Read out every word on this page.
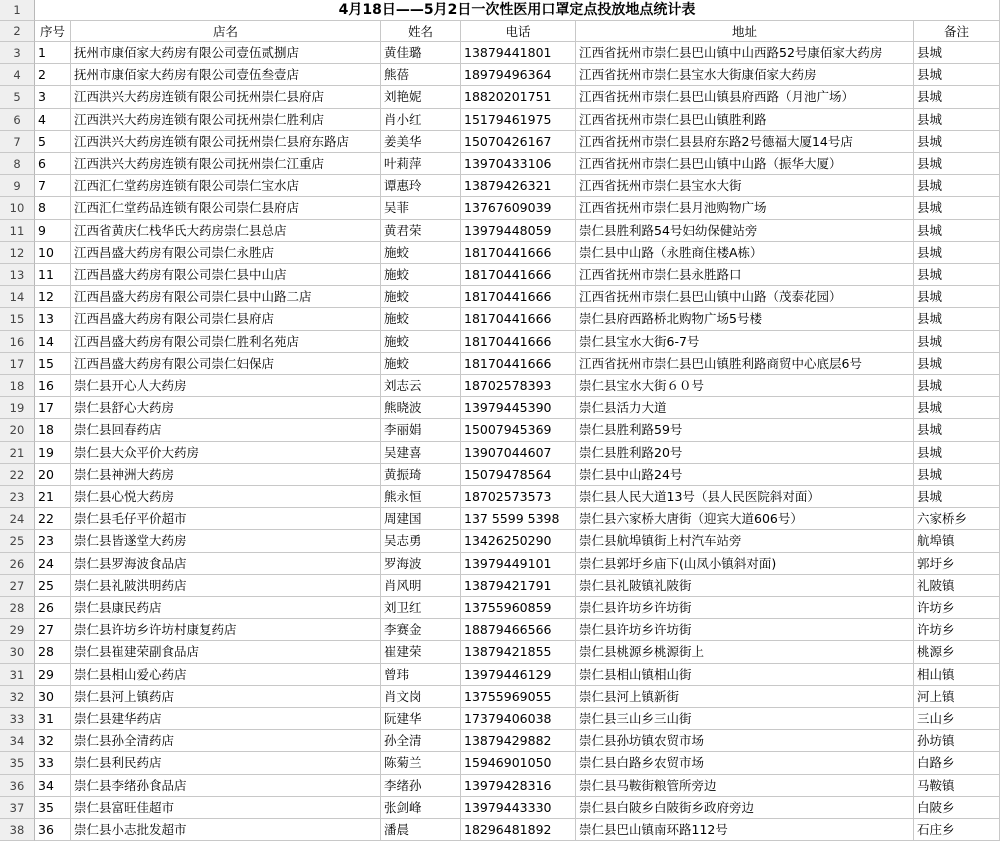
1	4月18日——5月2日一次性医用口罩定点投放地点统计表
2	序号	店名	姓名	电话	地址	备注
3	1	抚州市康佰家大药房有限公司壹伍贰捌店	黄佳璐	13879441801	江西省抚州市崇仁县巴山镇中山西路52号康佰家大药房	县城
4	2	抚州市康佰家大药房有限公司壹伍叁壹店	熊蓓	18979496364	江西省抚州市崇仁县宝水大街康佰家大药房	县城
5	3	江西洪兴大药房连锁有限公司抚州崇仁县府店	刘艳妮	18820201751	江西省抚州市崇仁县巴山镇县府西路（月池广场）	县城
6	4	江西洪兴大药房连锁有限公司抚州崇仁胜利店	肖小红	15179461975	江西省抚州市崇仁县巴山镇胜利路	县城
7	5	江西洪兴大药房连锁有限公司抚州崇仁县府东路店	姜美华	15070426167	江西省抚州市崇仁县县府东路2号德福大厦14号店	县城
8	6	江西洪兴大药房连锁有限公司抚州崇仁江重店	叶莉萍	13970433106	江西省抚州市崇仁县巴山镇中山路（振华大厦）	县城
9	7	江西汇仁堂药房连锁有限公司崇仁宝水店	谭惠玲	13879426321	江西省抚州市崇仁县宝水大街	县城
10	8	江西汇仁堂药品连锁有限公司崇仁县府店	吴菲	13767609039	江西省抚州市崇仁县月池购物广场	县城
11	9	江西省黄庆仁栈华氏大药房崇仁县总店	黄君荣	13979448059	崇仁县胜利路54号妇幼保健站旁	县城
12	10	江西昌盛大药房有限公司崇仁永胜店	施蛟	18170441666	崇仁县中山路（永胜商住楼A栋）	县城
13	11	江西昌盛大药房有限公司崇仁县中山店	施蛟	18170441666	江西省抚州市崇仁县永胜路口	县城
14	12	江西昌盛大药房有限公司崇仁县中山路二店	施蛟	18170441666	江西省抚州市崇仁县巴山镇中山路（茂泰花园）	县城
15	13	江西昌盛大药房有限公司崇仁县府店	施蛟	18170441666	崇仁县府西路桥北购物广场5号楼	县城
16	14	江西昌盛大药房有限公司崇仁胜利名苑店	施蛟	18170441666	崇仁县宝水大街6-7号	县城
17	15	江西昌盛大药房有限公司崇仁妇保店	施蛟	18170441666	江西省抚州市崇仁县巴山镇胜利路商贸中心底层6号	县城
18	16	崇仁县开心人大药房	刘志云	18702578393	崇仁县宝水大街６０号	县城
19	17	崇仁县舒心大药房	熊晓波	13979445390	崇仁县活力大道	县城
20	18	崇仁县回春药店	李丽娟	15007945369	崇仁县胜利路59号	县城
21	19	崇仁县大众平价大药房	吴建喜	13907044607	崇仁县胜利路20号	县城
22	20	崇仁县神洲大药房	黄振琦	15079478564	崇仁县中山路24号	县城
23	21	崇仁县心悦大药房	熊永恒	18702573573	崇仁县人民大道13号（县人民医院斜对面）	县城
24	22	崇仁县毛仔平价超市	周建国	137 5599 5398	崇仁县六家桥大唐街（迎宾大道606号）	六家桥乡
25	23	崇仁县皆遂堂大药房	吴志勇	13426250290	崇仁县航埠镇街上村汽车站旁	航埠镇
26	24	崇仁县罗海波食品店	罗海波	13979449101	崇仁县郭圩乡庙下(山凤小镇斜对面)	郭圩乡
27	25	崇仁县礼陂洪明药店	肖风明	13879421791	崇仁县礼陂镇礼陂街	礼陂镇
28	26	崇仁县康民药店	刘卫红	13755960859	崇仁县许坊乡许坊街	许坊乡
29	27	崇仁县许坊乡许坊村康复药店	李赛金	18879466566	崇仁县许坊乡许坊街	许坊乡
30	28	崇仁县崔建荣副食品店	崔建荣	13879421855	崇仁县桃源乡桃源街上	桃源乡
31	29	崇仁县相山爱心药店	曾玮	13979446129	崇仁县相山镇相山街	相山镇
32	30	崇仁县河上镇药店	肖文岗	13755969055	崇仁县河上镇新街	河上镇
33	31	崇仁县建华药店	阮建华	17379406038	崇仁县三山乡三山街	三山乡
34	32	崇仁县孙全清药店	孙全清	13879429882	崇仁县孙坊镇农贸市场	孙坊镇
35	33	崇仁县利民药店	陈菊兰	15946901050	崇仁县白路乡农贸市场	白路乡
36	34	崇仁县李绪孙食品店	李绪孙	13979428316	崇仁县马鞍街粮管所旁边	马鞍镇
37	35	崇仁县富旺佳超市	张剑峰	13979443330	崇仁县白陂乡白陂街乡政府旁边	白陂乡
38	36	崇仁县小志批发超市	潘晨	18296481892	崇仁县巴山镇南环路112号	石庄乡
